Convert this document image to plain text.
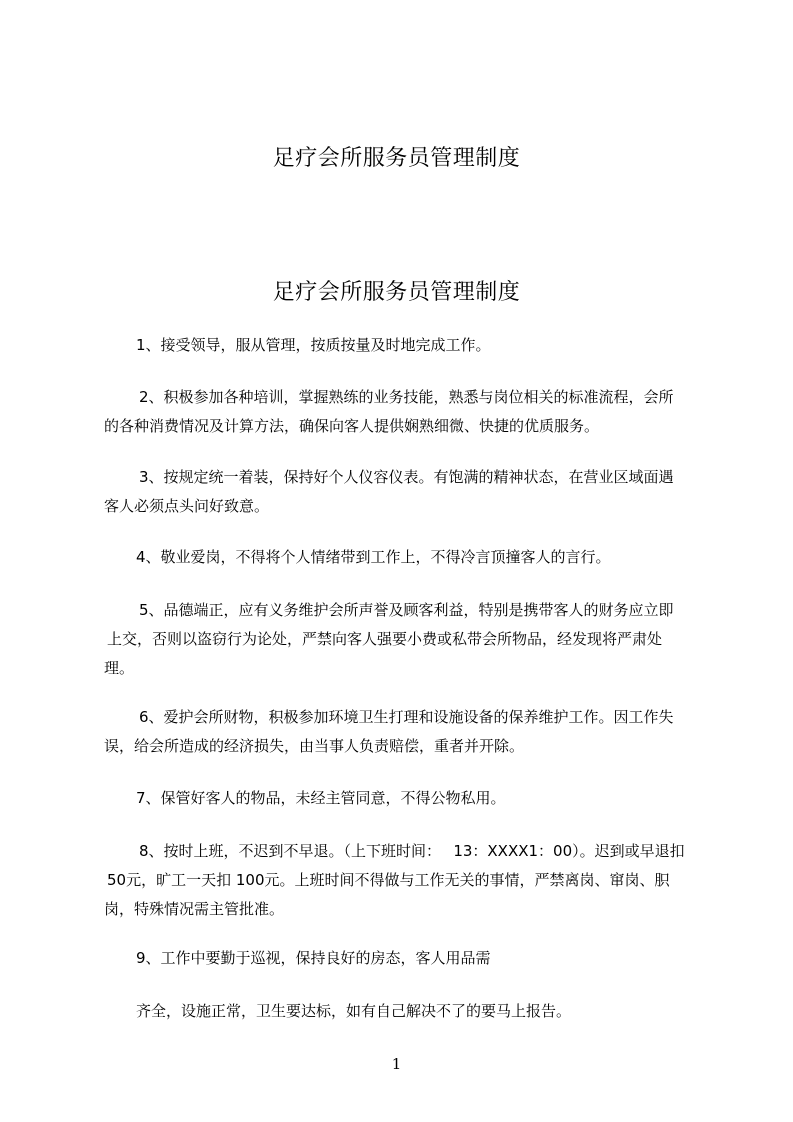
足疗会所服务员管理制度
足疗会所服务员管理制度
1、接受领导，服从管理，按质按量及时地完成工作。
2、积极参加各种培训，掌握熟练的业务技能，熟悉与岗位相关的标准流程，会所
的各种消费情况及计算方法，确保向客人提供娴熟细微、快捷的优质服务。
3、按规定统一着装，保持好个人仪容仪表。有饱满的精神状态，在营业区域面遇
客人必须点头问好致意。
4、敬业爱岗，不得将个人情绪带到工作上，不得冷言顶撞客人的言行。
5、品德端正，应有义务维护会所声誉及顾客利益，特别是携带客人的财务应立即
上交，否则以盗窃行为论处，严禁向客人强要小费或私带会所物品，经发现将严肃处
理。
6、爱护会所财物，积极参加环境卫生打理和设施设备的保养维护工作。因工作失
误，给会所造成的经济损失，由当事人负责赔偿，重者并开除。
7、保管好客人的物品，未经主管同意，不得公物私用。
8、按时上班，不迟到不早退。（上下班时间：　 13：XXXX1：00）。迟到或早退扣
50元，旷工一天扣 100元。上班时间不得做与工作无关的事情，严禁离岗、窜岗、胑
岗，特殊情况需主管批准。
9、工作中要勤于巡视，保持良好的房态，客人用品需
齐全，设施正常，卫生要达标，如有自己解决不了的要马上报告。
1
